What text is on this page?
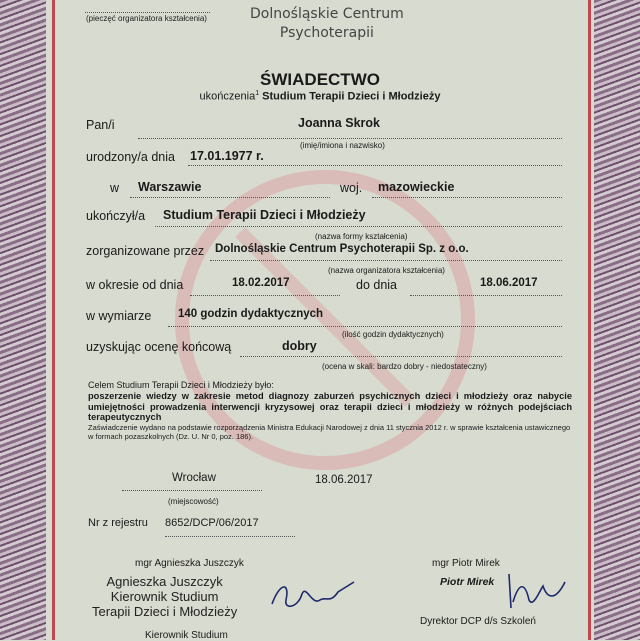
(pieczęć organizatora kształcenia)	Dolnośląskie Centrum
Psychoterapii
ŚWIADECTWO
ukończenia$^1$ Studium Terapii Dzieci i Młodzieży
Pan/i	Joanna Skrok
(imię/imiona i nazwisko)
urodzony/a dnia 17.01.1977 r.
w Warszawie	woj. mazowieckie
ukończył/a Studium Terapii Dzieci i Młodzieży
(nazwa formy kształcenia)
zorganizowane przez Dolnośląskie Centrum Psychoterapii Sp. z o.o.
(nazwa organizatora kształcenia)
w okresie od dnia	18.02.2017	do dnia	18.06.2017
w wymiarze 140 godzin dydaktycznych
(ilość godzin dydaktycznych)
uzyskując ocenę końcową	dobry
(ocena w skali: bardzo dobry - niedostateczny)
Celem Studium Terapii Dzieci i Młodzieży było:
poszerzenie wiedzy w zakresie metod diagnozy zaburzeń psychicznych dzieci i młodzieży oraz nabycie umiejętności prowadzenia interwencji kryzysowej oraz terapii dzieci i młodzieży w różnych podejściach terapeutycznych
Zaświadczenie wydano na podstawie rozporządzenia Ministra Edukacji Narodowej z dnia 11 stycznia 2012 r. w sprawie kształcenia ustawicznego w formach pozaszkolnych (Dz. U. Nr 0, poz. 186).
Wrocław	18.06.2017
(miejscowość)
Nr z rejestru 8652/DCP/06/2017
mgr Agnieszka Juszczyk
Agnieszka Juszczyk
Kierownik Studium
Terapii Dzieci i Młodzieży
Kierownik Studium
mgr Piotr Mirek
Piotr Mirek
Dyrektor DCP d/s Szkoleń
